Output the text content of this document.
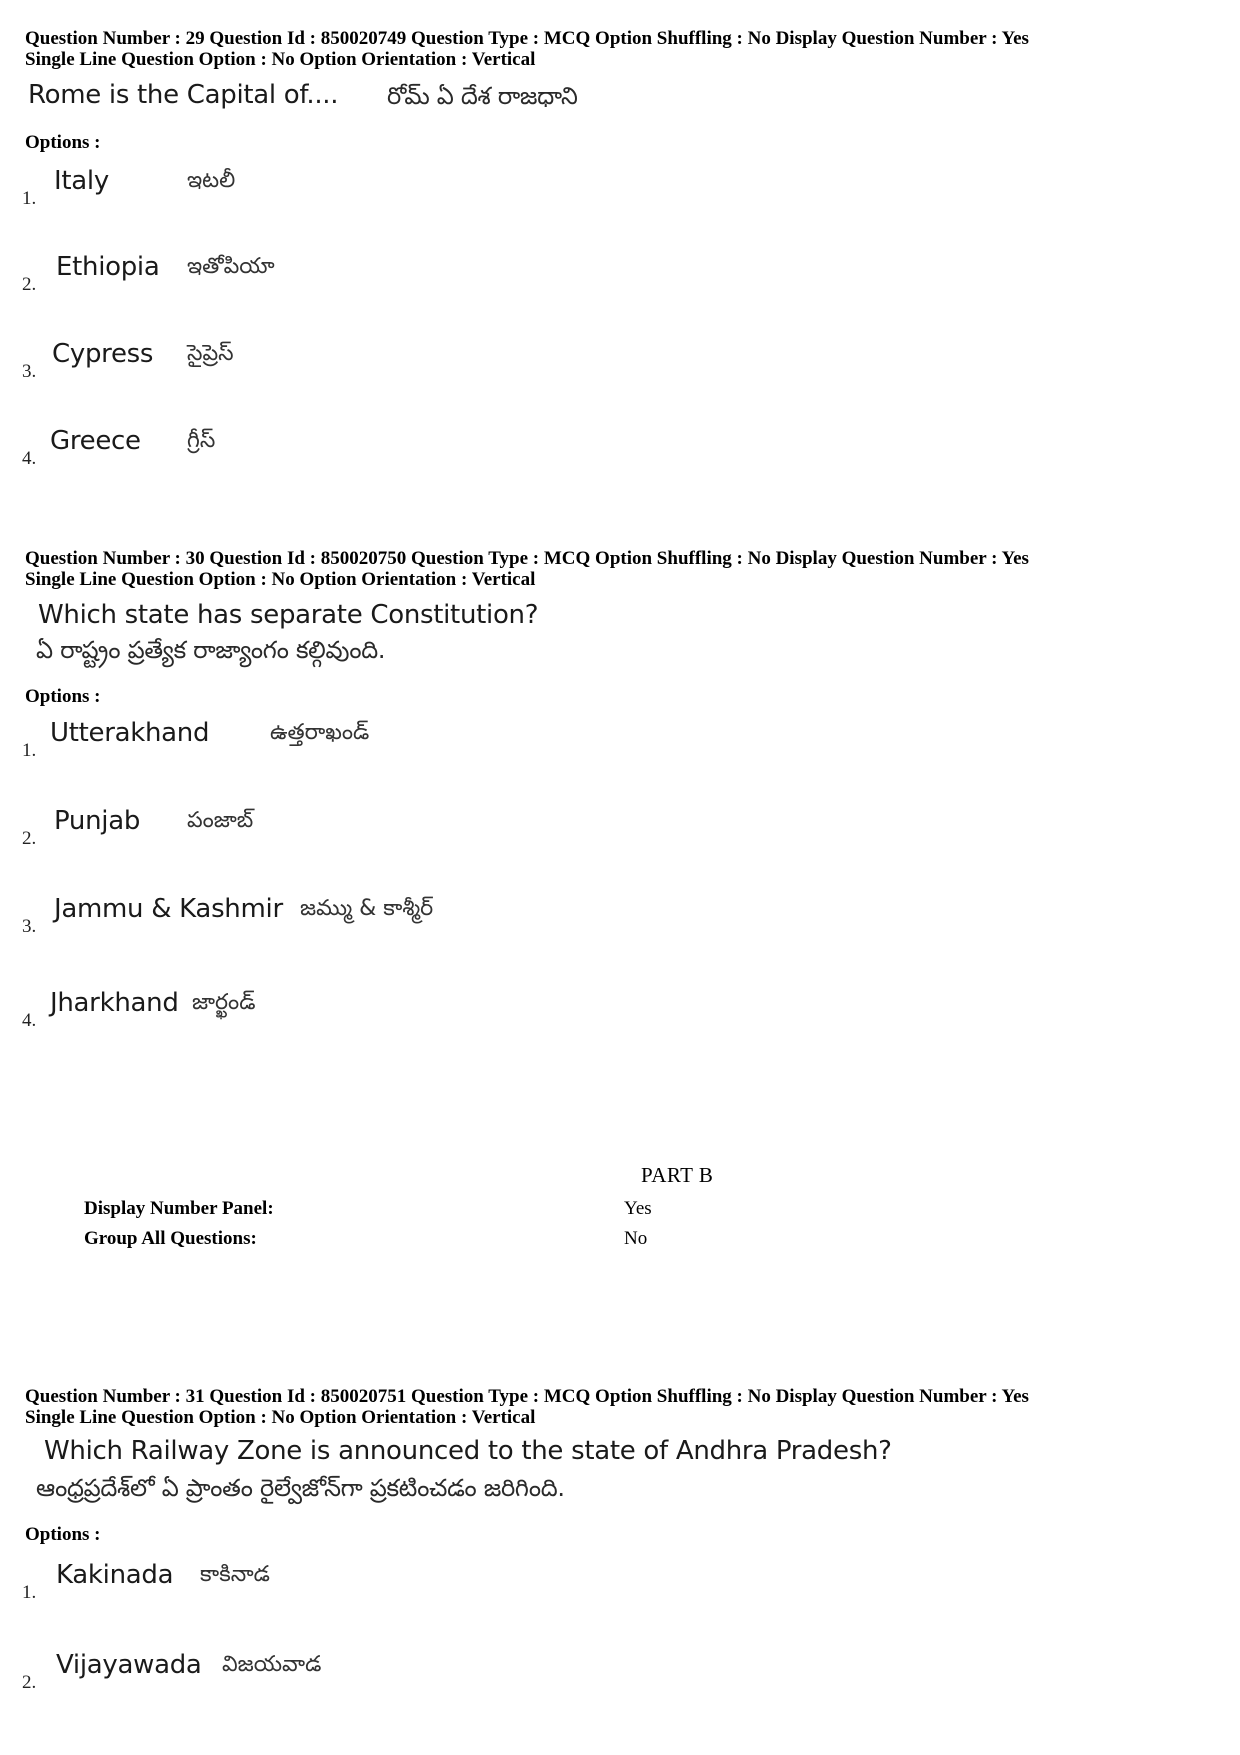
Question Number : 29 Question Id : 850020749 Question Type : MCQ Option Shuffling : No Display Question Number : Yes
Single Line Question Option : No Option Orientation : Vertical
Rome is the Capital of.... రోమ్ ఏ దేశ రాజధాని
Options :
1.
Italy	ఇటలీ
2.
Ethiopia ఇతోపియా
3.
Cypress సైప్రెస్
4.
Greece గ్రీస్
Question Number : 30 Question Id : 850020750 Question Type : MCQ Option Shuffling : No Display Question Number : Yes
Single Line Question Option : No Option Orientation : Vertical
Which state has separate Constitution?
ఏ రాష్ట్రం ప్రత్యేక రాజ్యాంగం కల్గివుంది.
Options :
1.
Utterakhand	ఉత్తరాఖండ్
2.
Punjab పంజాబ్
3.
Jammu & Kashmir జమ్ము & కాశ్మీర్
4.
Jharkhand జార్ఖండ్
PART B
Display Number Panel:	Yes
Group All Questions:	No
Question Number : 31 Question Id : 850020751 Question Type : MCQ Option Shuffling : No Display Question Number : Yes
Single Line Question Option : No Option Orientation : Vertical
Which Railway Zone is announced to the state of Andhra Pradesh?
ఆంధ్రప్రదేశ్‌లో ఏ ప్రాంతం రైల్వేజోన్‌గా ప్రకటించడం జరిగింది.
Options :
1.
Kakinada కాకినాడ
2.
Vijayawada విజయవాడ
